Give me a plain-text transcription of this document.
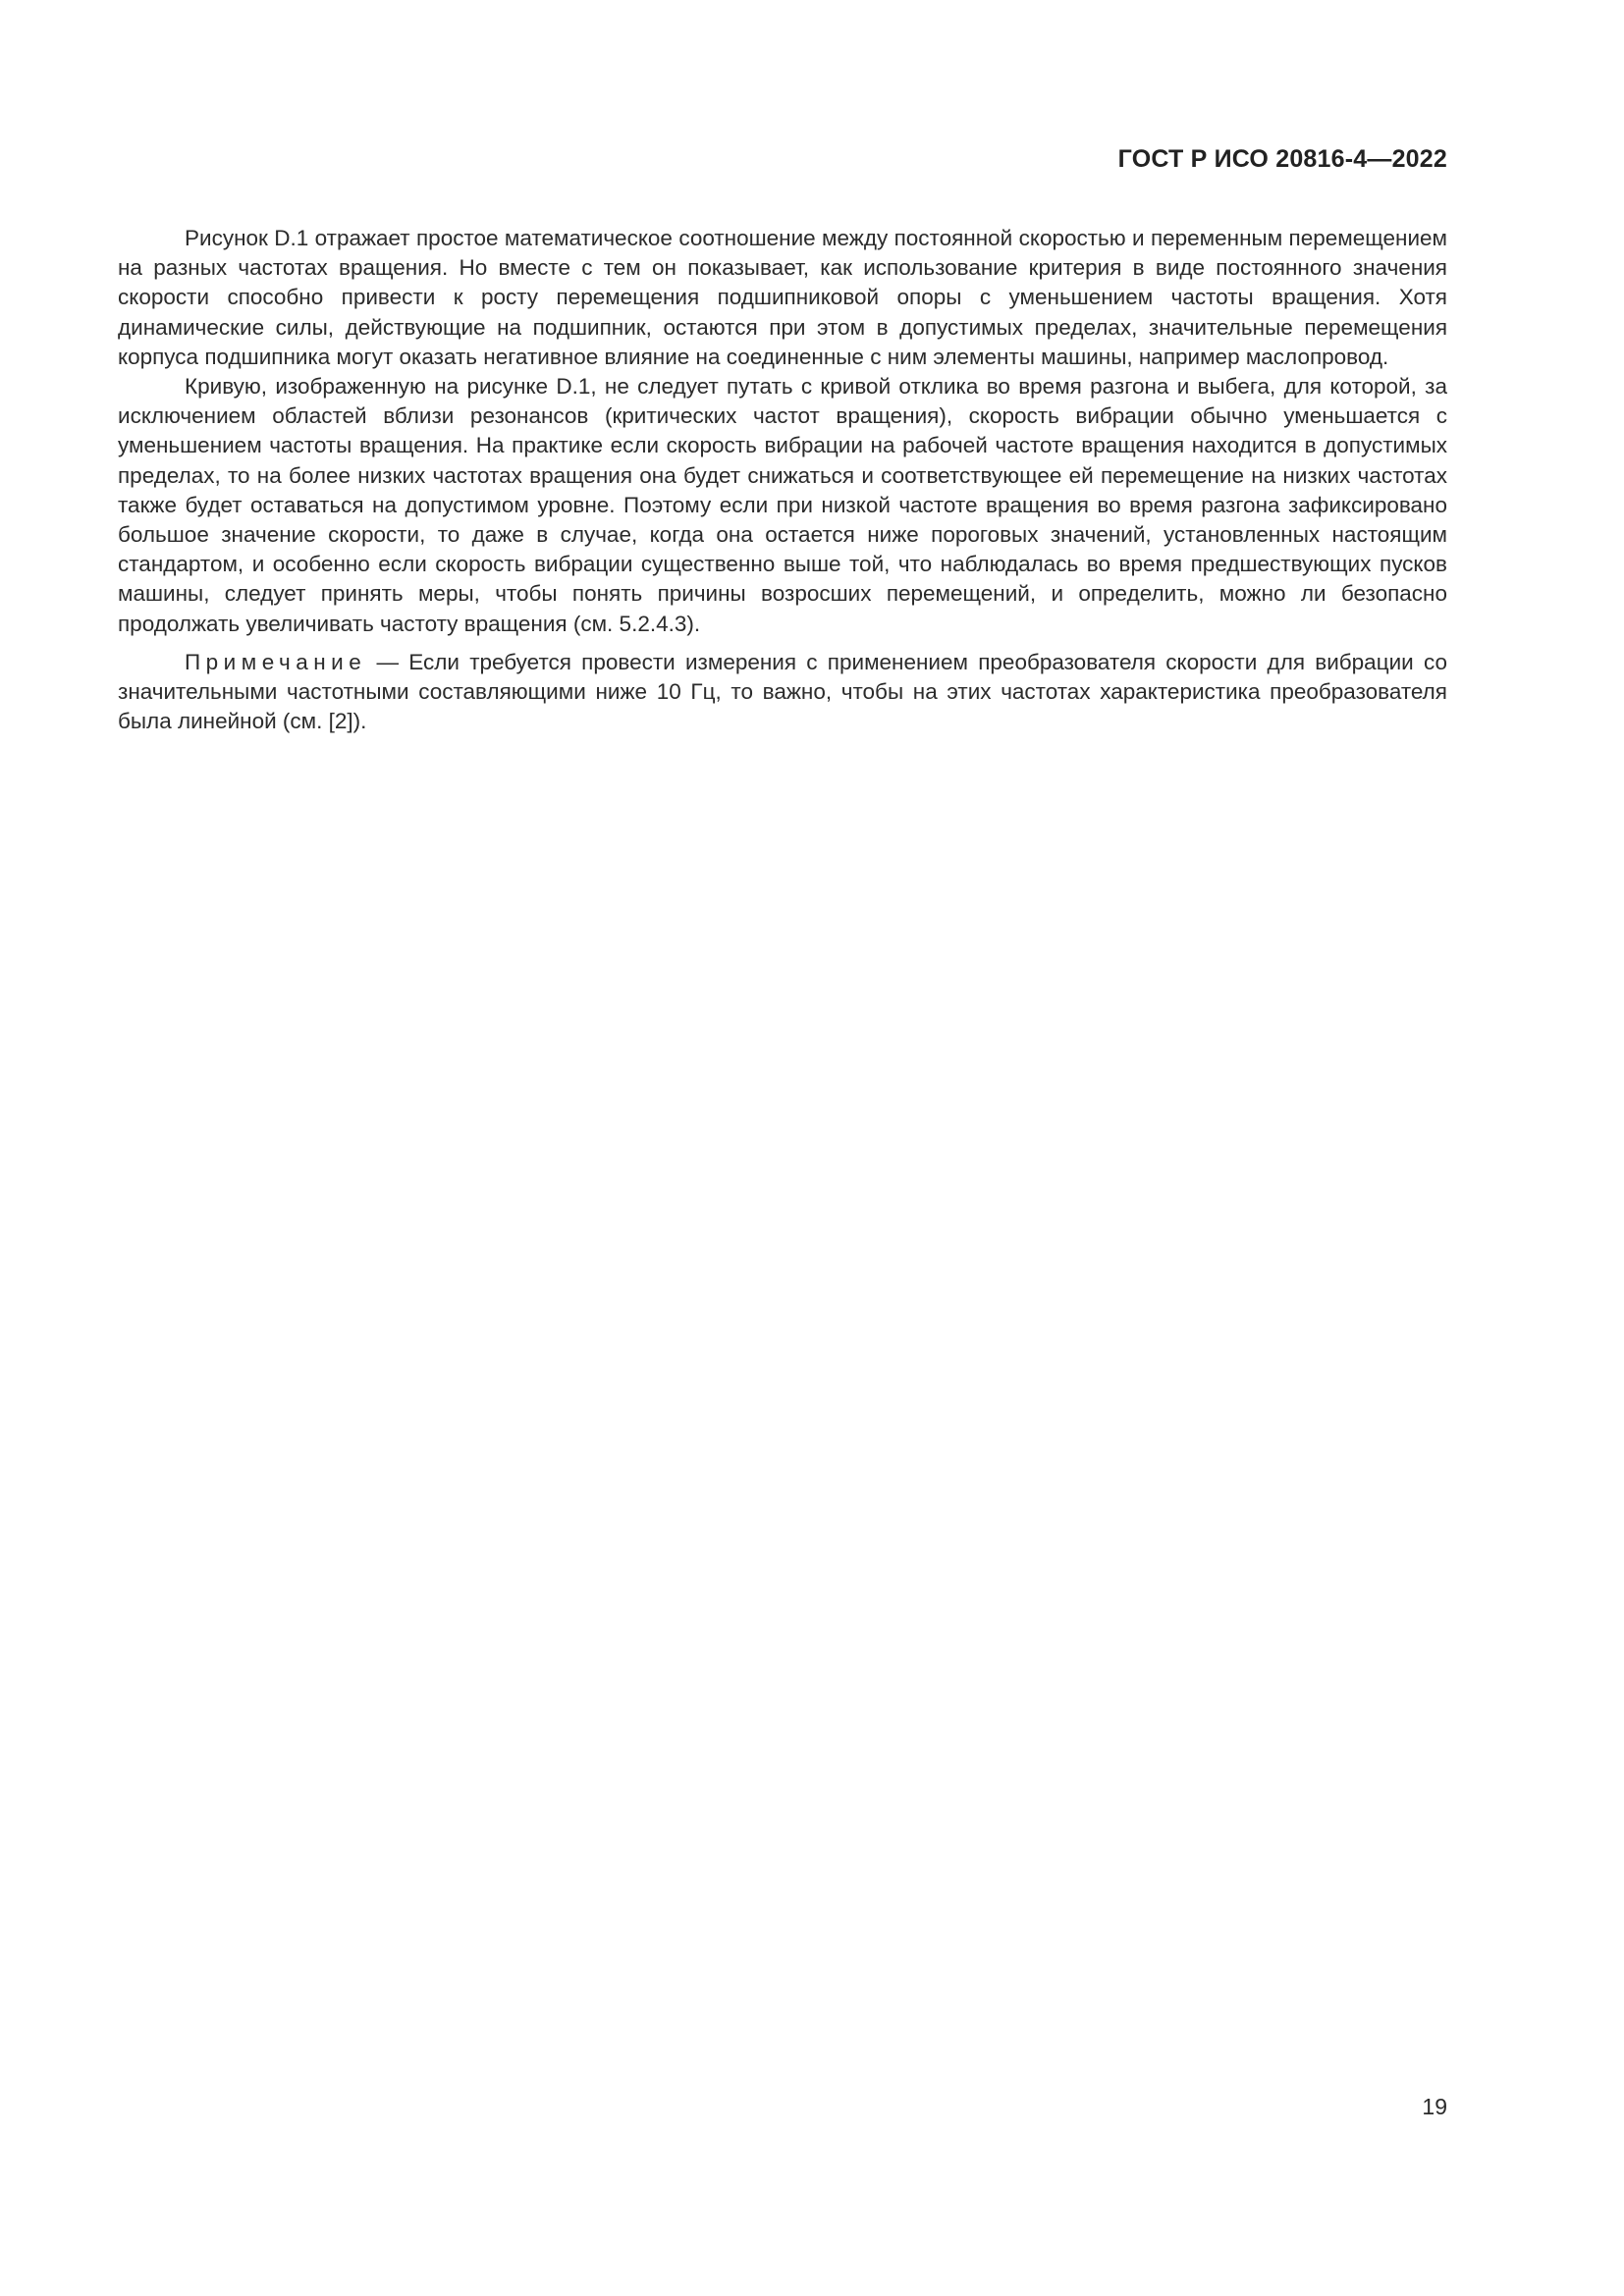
ГОСТ Р ИСО 20816-4—2022

Рисунок D.1 отражает простое математическое соотношение между постоянной скоростью и переменным перемещением на разных частотах вращения. Но вместе с тем он показывает, как использование критерия в виде постоянного значения скорости способно привести к росту перемещения подшипниковой опоры с уменьшением частоты вращения. Хотя динамические силы, действующие на подшипник, остаются при этом в допустимых пределах, значительные перемещения корпуса подшипника могут оказать негативное влияние на соединенные с ним элементы машины, например маслопровод.

Кривую, изображенную на рисунке D.1, не следует путать с кривой отклика во время разгона и выбега, для которой, за исключением областей вблизи резонансов (критических частот вращения), скорость вибрации обычно уменьшается с уменьшением частоты вращения. На практике если скорость вибрации на рабочей частоте вращения находится в допустимых пределах, то на более низких частотах вращения она будет снижаться и соответствующее ей перемещение на низких частотах также будет оставаться на допустимом уровне. Поэтому если при низкой частоте вращения во время разгона зафиксировано большое значение скорости, то даже в случае, когда она остается ниже пороговых значений, установленных настоящим стандартом, и особенно если скорость вибрации существенно выше той, что наблюдалась во время предшествующих пусков машины, следует принять меры, чтобы понять причины возросших перемещений, и определить, можно ли безопасно продолжать увеличивать частоту вращения (см. 5.2.4.3).

Примечание — Если требуется провести измерения с применением преобразователя скорости для вибрации со значительными частотными составляющими ниже 10 Гц, то важно, чтобы на этих частотах характеристика преобразователя была линейной (см. [2]).

19
